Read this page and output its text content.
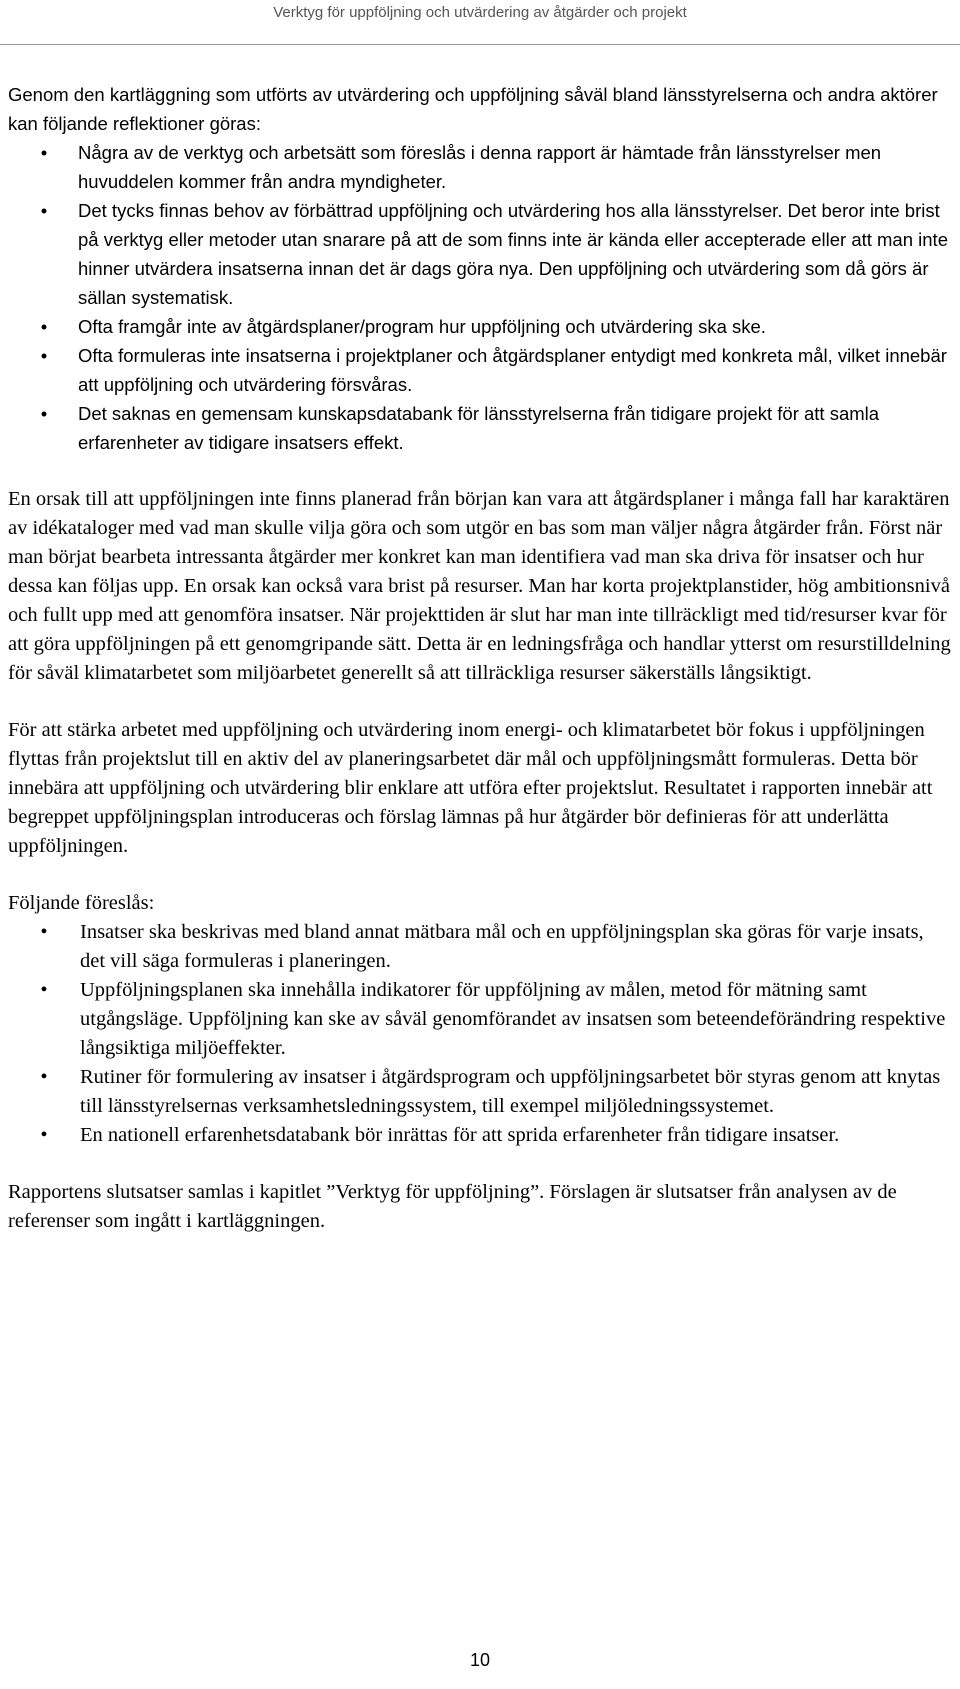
Verktyg för uppföljning och utvärdering av åtgärder och projekt

Genom den kartläggning som utförts av utvärdering och uppföljning såväl bland länsstyrelserna och andra aktörer kan följande reflektioner göras:

•	Några av de verktyg och arbetsätt som föreslås i denna rapport är hämtade från länsstyrelser men huvuddelen kommer från andra myndigheter.
•	Det tycks finnas behov av förbättrad uppföljning och utvärdering hos alla länsstyrelser. Det beror inte brist på verktyg eller metoder utan snarare på att de som finns inte är kända eller accepterade eller att man inte hinner utvärdera insatserna innan det är dags göra nya. Den uppföljning och utvärdering som då görs är sällan systematisk.
•	Ofta framgår inte av åtgärdsplaner/program hur uppföljning och utvärdering ska ske.
•	Ofta formuleras inte insatserna i projektplaner och åtgärdsplaner entydigt med konkreta mål, vilket innebär att uppföljning och utvärdering försvåras.
•	Det saknas en gemensam kunskapsdatabank för länsstyrelserna från tidigare projekt för att samla erfarenheter av tidigare insatsers effekt.

En orsak till att uppföljningen inte finns planerad från början kan vara att åtgärdsplaner i många fall har karaktären av idékataloger med vad man skulle vilja göra och som utgör en bas som man väljer några åtgärder från. Först när man börjat bearbeta intressanta åtgärder mer konkret kan man identifiera vad man ska driva för insatser och hur dessa kan följas upp. En orsak kan också vara brist på resurser. Man har korta projektplanstider, hög ambitionsnivå och fullt upp med att genomföra insatser. När projekttiden är slut har man inte tillräckligt med tid/resurser kvar för att göra uppföljningen på ett genomgripande sätt. Detta är en ledningsfråga och handlar ytterst om resurstilldelning för såväl klimatarbetet som miljöarbetet generellt så att tillräckliga resurser säkerställs långsiktigt.

För att stärka arbetet med uppföljning och utvärdering inom energi- och klimatarbetet bör fokus i uppföljningen flyttas från projektslut till en aktiv del av planeringsarbetet där mål och uppföljningsmått formuleras. Detta bör innebära att uppföljning och utvärdering blir enklare att utföra efter projektslut. Resultatet i rapporten innebär att begreppet uppföljningsplan introduceras och förslag lämnas på hur åtgärder bör definieras för att underlätta uppföljningen.

Följande föreslås:

•	Insatser ska beskrivas med bland annat mätbara mål och en uppföljningsplan ska göras för varje insats, det vill säga formuleras i planeringen.
•	Uppföljningsplanen ska innehålla indikatorer för uppföljning av målen, metod för mätning samt utgångsläge. Uppföljning kan ske av såväl genomförandet av insatsen som beteendeförändring respektive långsiktiga miljöeffekter.
•	Rutiner för formulering av insatser i åtgärdsprogram och uppföljningsarbetet bör styras genom att knytas till länsstyrelsernas verksamhetsledningssystem, till exempel miljöledningssystemet.
•	En nationell erfarenhetsdatabank bör inrättas för att sprida erfarenheter från tidigare insatser.

Rapportens slutsatser samlas i kapitlet ”Verktyg för uppföljning”. Förslagen är slutsatser från analysen av de referenser som ingått i kartläggningen.

10
